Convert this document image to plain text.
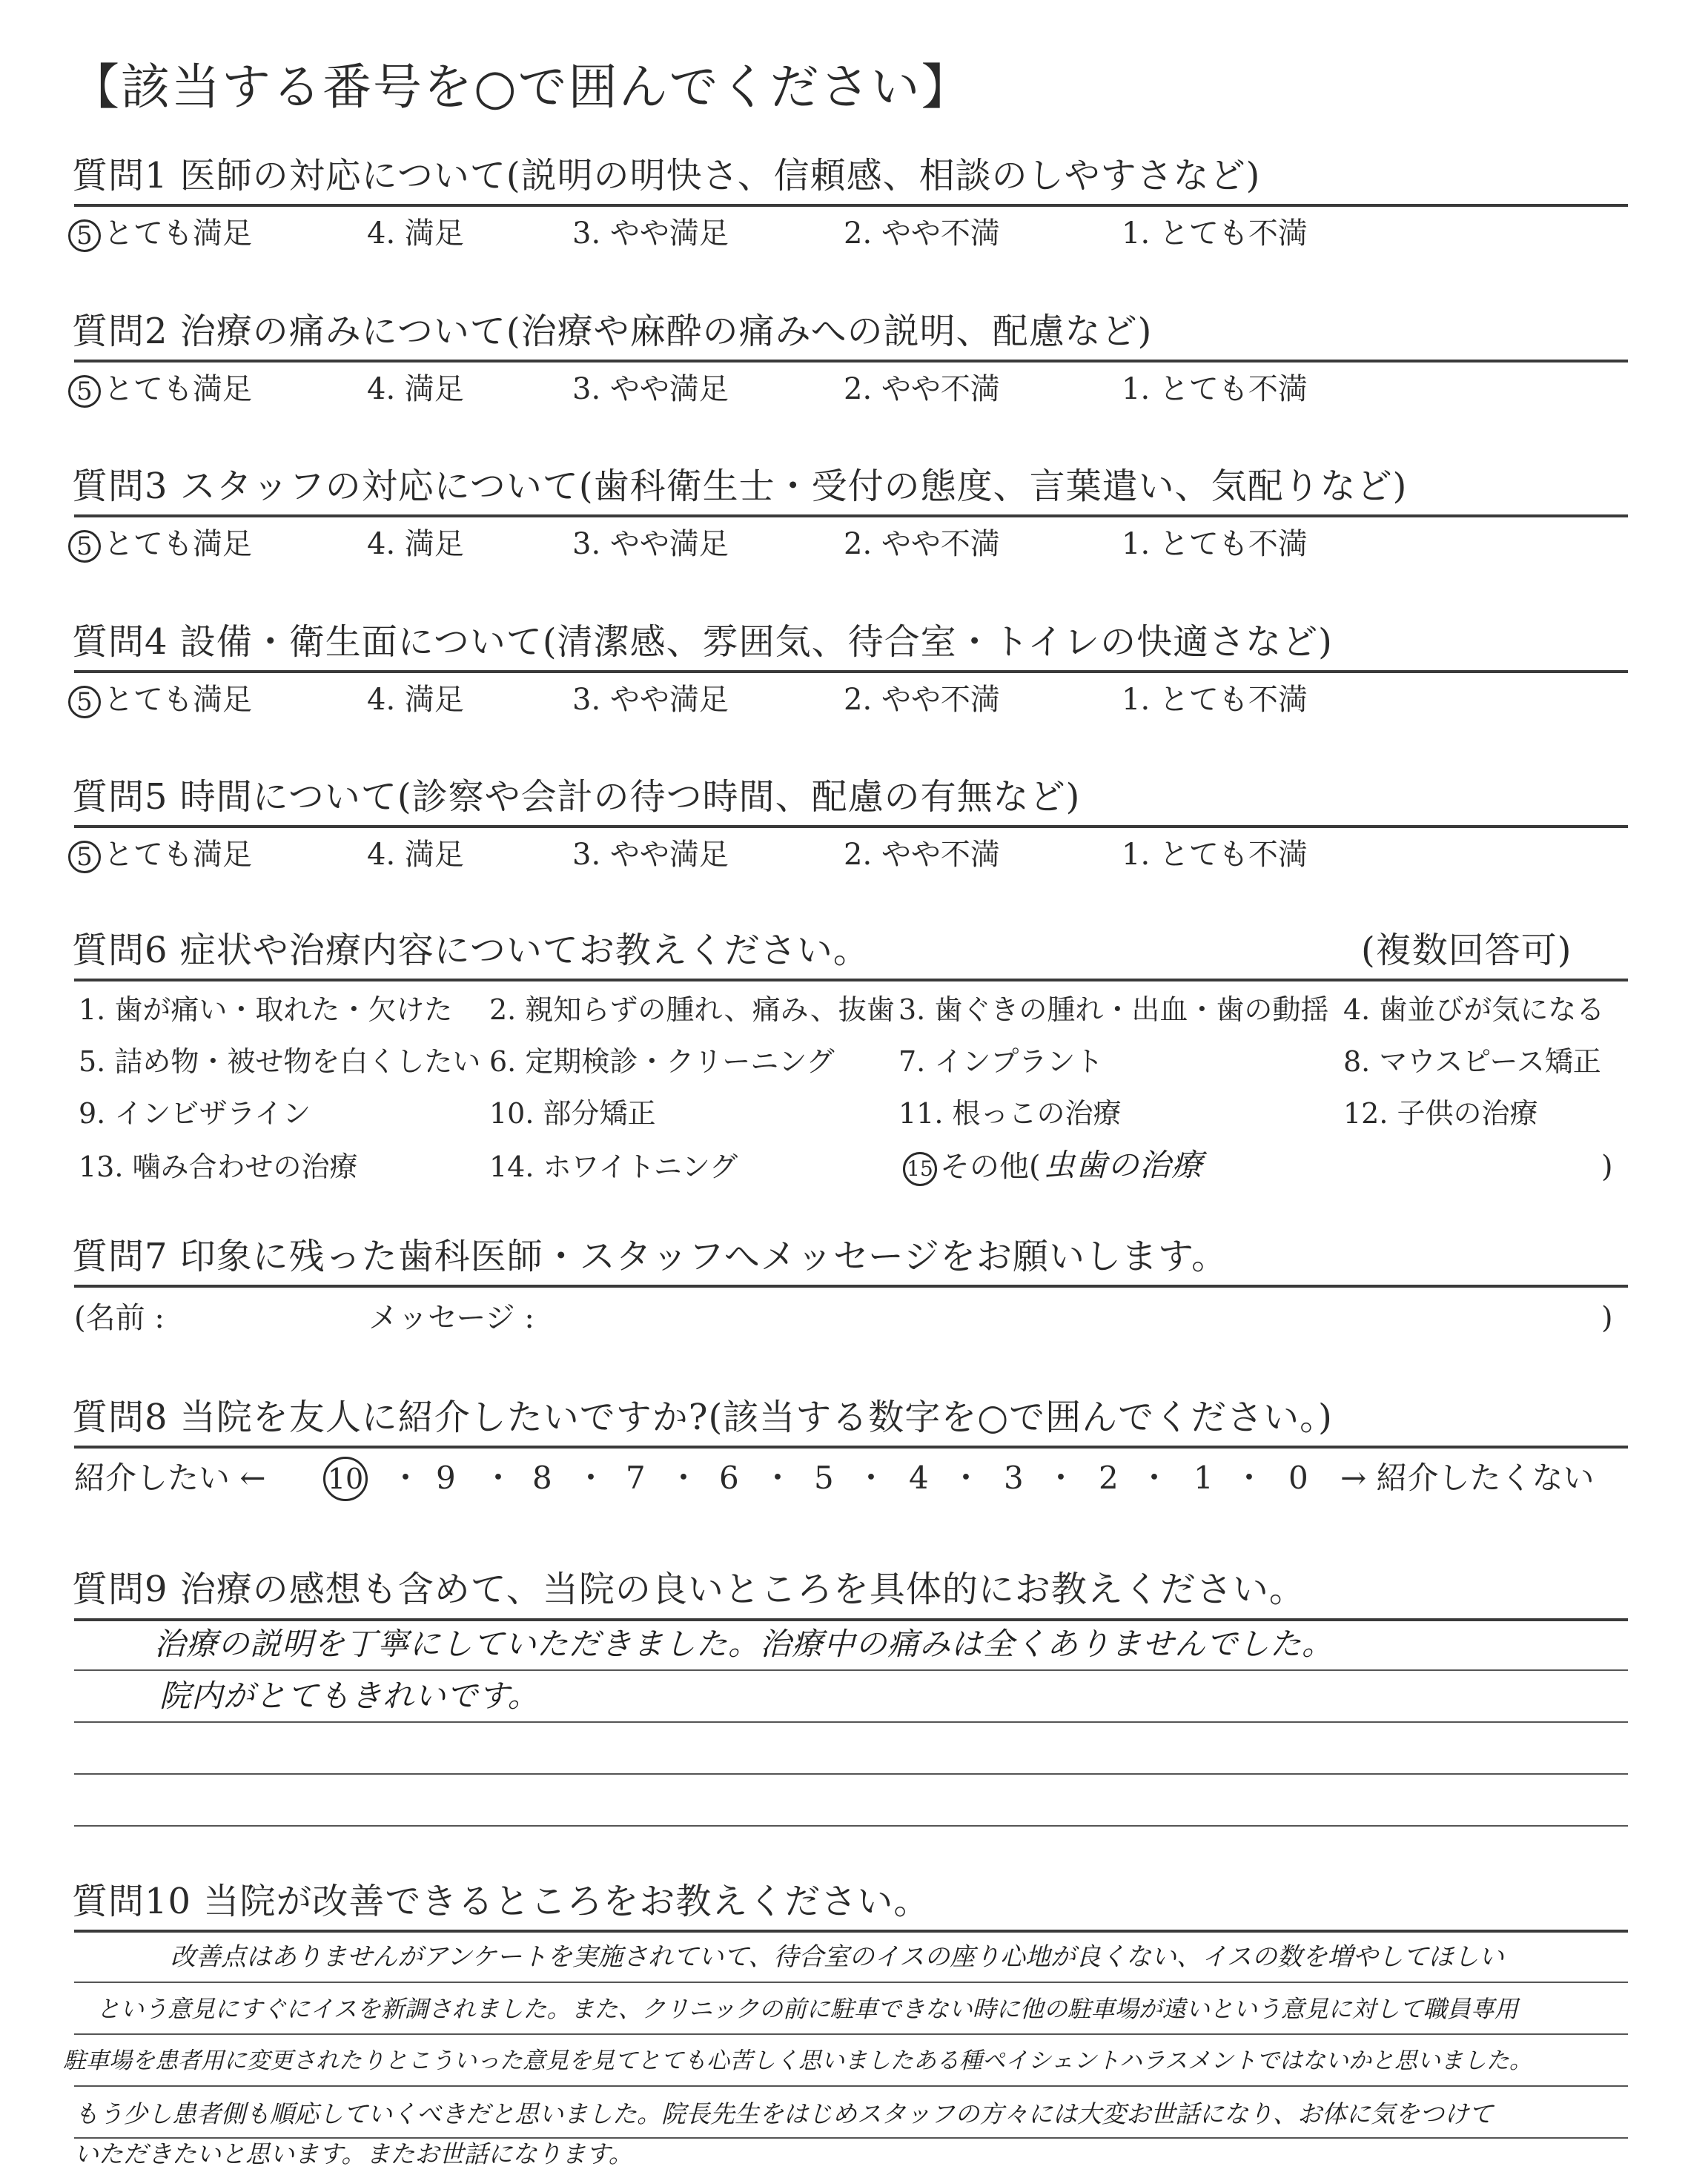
【該当する番号を○で囲んでください】
質問1 医師の対応について(説明の明快さ、信頼感、相談のしやすさなど)
5 とても満足	4. 満足	3. やや満足	2. やや不満	1. とても不満
質問2 治療の痛みについて(治療や麻酔の痛みへの説明、配慮など)
5 とても満足	4. 満足	3. やや満足	2. やや不満	1. とても不満
質問3 スタッフの対応について(歯科衛生士・受付の態度、言葉遣い、気配りなど)
5 とても満足	4. 満足	3. やや満足	2. やや不満	1. とても不満
質問4 設備・衛生面について(清潔感、雰囲気、待合室・トイレの快適さなど)
5 とても満足	4. 満足	3. やや満足	2. やや不満	1. とても不満
質問5 時間について(診察や会計の待つ時間、配慮の有無など)
5 とても満足	4. 満足	3. やや満足	2. やや不満	1. とても不満
質問6 症状や治療内容についてお教えください。	(複数回答可)
1. 歯が痛い・取れた・欠けた 2. 親知らずの腫れ、痛み、抜歯 3. 歯ぐきの腫れ・出血・歯の動揺 4. 歯並びが気になる
5. 詰め物・被せ物を白くしたい 6. 定期検診・クリーニング 7. インプラント	8. マウスピース矯正
9. インビザライン	10. 部分矯正	11. 根っこの治療	12. 子供の治療
13. 噛み合わせの治療	14. ホワイトニング	15 その他( 虫歯の治療	)
質問7 印象に残った歯科医師・スタッフへメッセージをお願いします。
(名前 :	メッセージ :	)
質問8 当院を友人に紹介したいですか?(該当する数字を○で囲んでください。)
紹介したい ← 10 ・ 9 ・ 8 ・ 7 ・ 6 ・ 5 ・ 4 ・ 3 ・ 2 ・ 1 ・ 0 → 紹介したくない
質問9 治療の感想も含めて、当院の良いところを具体的にお教えください。
治療の説明を丁寧にしていただきました。治療中の痛みは全くありませんでした。
院内がとてもきれいです。
質問10 当院が改善できるところをお教えください。
改善点はありませんがアンケートを実施されていて、待合室のイスの座り心地が良くない、イスの数を増やしてほしい
という意見にすぐにイスを新調されました。また、クリニックの前に駐車できない時に他の駐車場が遠いという意見に対して職員専用
駐車場を患者用に変更されたりとこういった意見を見てとても心苦しく思いましたある種ペイシェントハラスメントではないかと思いました。
もう少し患者側も順応していくべきだと思いました。院長先生をはじめスタッフの方々には大変お世話になり、お体に気をつけて
いただきたいと思います。またお世話になります。
